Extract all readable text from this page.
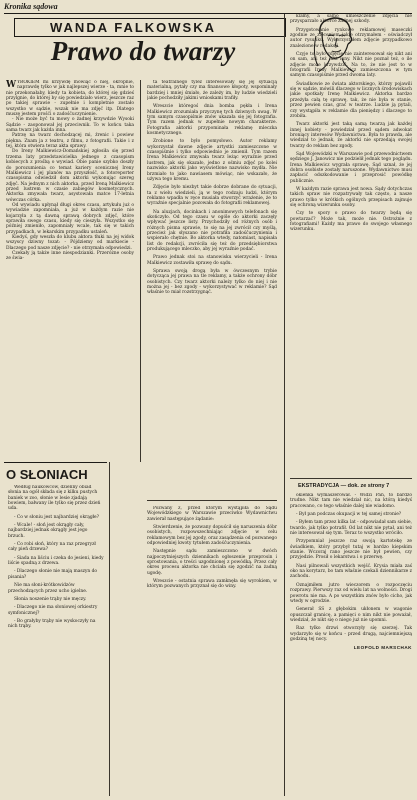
Kronika sądowa
WANDA FALKOWSKA
Prawo do twarzy

WYROKIEM mi krzywdę mówiąc o niej, okropnie, naprawdę tylko w jak najlepszej wierze - ta, mnie to nie przekonałaby, kiedy ta kobieta, do której się gdzieś przylgnie, do której by się powiedziało wierz, jeszcze raz po takiej sprawie - zupełnie i kompletnie zostało wszystko w sądzie, wszak nie ma zdjęć itp. Dlatego muszę jestem prośći o zadośćuczynienie.

- Nie może być tu mowy o żadnej krzywdzie Wysoki Sądzie - zaoponował jej przeciwnik. To w końcu taka sama twarz jak każda inna.

Patrzę na twarz dochodzącej mi, źrenic i powiew piękna. Znam ja z teatru, z filmu, z fotografii. Takie i z tej, która otwiera teraz akta sprawy.

Do Ireny Malkiewicz-Domańskiej zgłosiła się przed trzema laty przedstawicielka jednego z czasopism kobiecych z prośbą o wywiad. Obie panie szybko doszły do porozumienia co temat kariery scenicznej Ireny Malkiewicz i jej planów na przyszłość, a fotoreporter czasopisma odwiedził dom aktorki wykonując szereg zdjęć. Na jednym z nich aktorka, przed Ireną Malkiewicz przed lustrem w czasie zabiegów kosmetycznych. Aktorka zmywała twarz, asystowała matce 17-letnia wówczas córka.

Od wywiadu upłynął długi okres czasu, artykułu już o wywiadzie zapomniała, a już w każdym razie nie kojarzyła z tą dawną sprawą dobrych zdjęć, które sprawiła swego czasu, kiedy się cieszyła. Wszystko się później zmieniło, zapomniały wcale, tak się w takich przypadkach, w lekarskim przypadku ustaleń.

Kiedyś, gdy weszła do klubu aktora tłuki na jej widok wszyscy dziwny tozat: - Pójdziemy od markiecie - Dlaczego pod nasze zdjęcie? - nie otrzymała odpowiedzi.

Czekały ją także inne niespodzianki. Przeróżne osoby ze świa-

ta teatralnego tyleż interesowały się jej sytuacją materialną, pytały czy ma finansowe kłopoty, wspominały bardziej i mniej śmiało, że zależy im, by ludzie wiedzieli jakie pochodziły jakimi wnioskami trafiły.

Wreszcie któregoś dnia bomba pękła i Irena Malkiewicz zrozumiała przyczynę tych dziwnych uwag. W tym samym czasopiśmie znów ukazała się jej fotografia. Tym razem jednak w zupełnie nowym charakterze. Fotografia aktorki przypominała reklamę mleczka kosmetycznego.

Zrobione to było pomysłowo. Autor reklamy wykorzystał dawne zdjęcie artystki zamieszczone w czasopiśmie i tylko odpowiednio je zmienił. Tym razem Irena Malkiewicz zmywała twarz leżąc wyraźnie przed lustrem, jak się okazało, jedno z ośmiu zdjęć po kolei nazwisko aktorki jako wyświetlone nazwisko mydła. Nie brzmiało to jako nawiasem mówiąc, nie wskazało, że używa tego kremu.

Zdjęcie było niezbyt takie dobrze dobrane do sytuacji, ta z wielu wiedzieli, ją w tego rodzaju ludzi, którym reklamo wpadła w ręce musiała stworzyć wrażenie, że to wyraźnie specjalnie pozowała do fotografii reklamowej.

Na aluzjach, docinkach i anonimowych telefonach się skończyło. Od tego czasu w ogóle do aktorki zaczęły wpływać jeszcze listy. Przychodziły od różnych osób i różnych pisma sprawie, to się na jej zwrócił czy myślą, przecież jak słyszano nie potrafiła zadośćuczynienia i wspierało chętnie. Bo aktorka wtedy, natomiast, napisała list do redakcji, zwróciła się też do przedsiębiorstwa produkującego mleczko, aby jej wyraźnie podać.

Prawo jednak stoi na stanowisku wierzycieli - Irena Malkiewicz zostawiła sprawę do sądu.

Sprawa swoją drogą była w ówczesnym trybie dotycząca jej prawa na tle reklamy, a także ochrony dóbr osobistych. Czy twarz aktorki należy tylko do niej i nie można jej - bez zgody - wykorzystywać w reklamie? Sąd właśnie to miał rozstrzygnąć.

Pozwany z, przed którym wystąpiła do Sądu Wojewódzkiego w Warszawie przeciwko Wydawnictwu zawierał następujące żądanie:

Stwierdzenie, że pozwany dopuścił się naruszenia dóbr osobistych, rozpowszechniając zdjęcie w celu reklamowym bez jej zgody, oraz zasądzenia od pozwanego odpowiedniej kwoty tytułem zadośćuczynienia.

Następnie sądu zamieszczono w dwóch najpoczytniejszych dziennikach ogłoszenie przeprosin i sprostowania, o treści uzgodnionej z powódką. Przez cały okres procesu aktorka nie chciała się zgodzić na żadną ugodę.

Wreszcie - ostatnia sprawa zamknęła się wyrokiem, w którym pozwanych przyznał się do winy.

klamy, a samo umieszczenie zdjęcia nie przysparzało aktorce żadnej szkody.

Przygotowanie rynkowe reklamowej maseczki zgodnie ze zleceniem jakie otrzymałem - oświadczył autor rysunku. Wykorzystałem zdjęcie przypadkowo znalezione w redakcji.

Czyje to było zdjęcie nie zainteresował się nikt ani on sam, ani też nikt inny. Nikt nie poznał też, o ile zdjęcie może krzywdzić. Na to, że nie jest to w fotografii Ireny Malkiewicz zamieszczona w tym samym czasopiśmie przed dwoma laty.

Świadkowie ze świata aktorskiego, którzy pojawili się w sądzie, mówili dlaczego w licznych środowiskach jakie spotkały Irenę Malkiewicz. Aktorka bardzo przeżyła całą tę sprawę, tak, że nie była w stanie, przez pewien czas, grać w teatrze. Ludzie ją pytali, czy wystąpiła w reklamie dla pieniędzy i dlaczego to zrobiła.

Twarz aktorki jest taką samą twarzą jak każdej innej kobiety - powiedział przed sądem adwokat broniący interesów Wydawnictwa. Była to prawda, ale wiedział to jednak, że aktorki nie sprzedają swojej twarzy do reklam bez zgody.

Sąd Wojewódzki w Warszawie pod przewodnictwem sędziego J. Janowicz nie podzielił jednak tego poglądu. Irena Malkiewicz wygrała sprawę. Sąd uznał, że jej dobra osobiste zostały naruszone. Wydawnictwo musi zapłacić odszkodowanie i przeprosić powódkę publicznie.

W każdym razie sprawa jest nowa. Sądy dotychczas takich spraw nie rozpatrywały tak często, a nasze prawo tylko w krótkich ogólnych przepisach zajmuje się ochroną wizerunku osoby.

Czy te spory o prawo do twarzy będą się powtarzać? Może tak, może nie. Ostrożnie z fotografiami! Każdy ma prawo do swojego własnego wizerunku.

O SŁONIACH

Według naukowców, dzienny obiad słonia na ogół składa się z kilku pustych baniek w zoo, słonie w lesie zjadają bowiem, bałwany ile tylko się przez dzień uda.

- Co w słoniu jest najbardziej okrągłe?

- Wcale! - słoń jest okrągły cały, najbardziej jednak okrągły jest jego brzuch.

- Co robi słoń, który na raz przegryzł cały pień drzewa?

- Siada na liściu i czeka do jesieni, kiedy liście spadną z drzewa.

- Dlaczego słonie nie mają maszyn do pisania?

Nie ma słoni-krótkowidzów przechodzących przez ucho igielne.

Słonia noszenie trąby nie męczy.

- Dlaczego nie ma słoniowej orkiestry symfonicznej?

- Bo grałyby trąby nie wyskoczyły na nich trąby.

EKSTRADYCJA — dok. ze strony 7

okienka wymaszerował. - Widzi Pan, to bardzo trudne. Nikt tam nie wiedział nic, na którą kiedyś pracowano, co tego właśnie dalej nie wiadomo.

- Był pan podczas okupacji w tej samej stronie?

- Byłem tam przez kilka lat - odpowiadał sam siebie, twardo, jak tylko potrafił. Od lat nikt nie pytał, ani też nie interesował się tym. Teraz to wszystko wróciło.

Przypomniał jeszcze raz swoją kartotekę ze świadkiem, który przybył tutaj w bardzo kiepskim stanie. Wczoraj rano jeszcze nie był pewien, czy przyjedzie. Prosił o lekarstwa i o przerwę.

Nasi pilnowali wszystkich wejść. Krysia miała zaś oko na korytarz, bo tam właśnie czekali dziennikarze z zachodu.

Oznajmiłem jutro wieczorem o rozpoczęciu rozprawy. Pierwszy raz od wielu lat na wolności. Drogi powrotu nie ma. A po wszystkim znów było cicho, jak wtedy w ogrodzie.

Generał SS z głębokim ukłonem w wagonie opuszczał granicę, a pamięci o nim nikt nie poważał, wiedział, że nikt się o niego już nie upomni.

Raz tylko drzwi otworzyły się szerzej. Tak wydarzyło się w końcu - przed drugą, najciemniejszą godziną tej nocy.

LEOPOLD MARSCHAK
